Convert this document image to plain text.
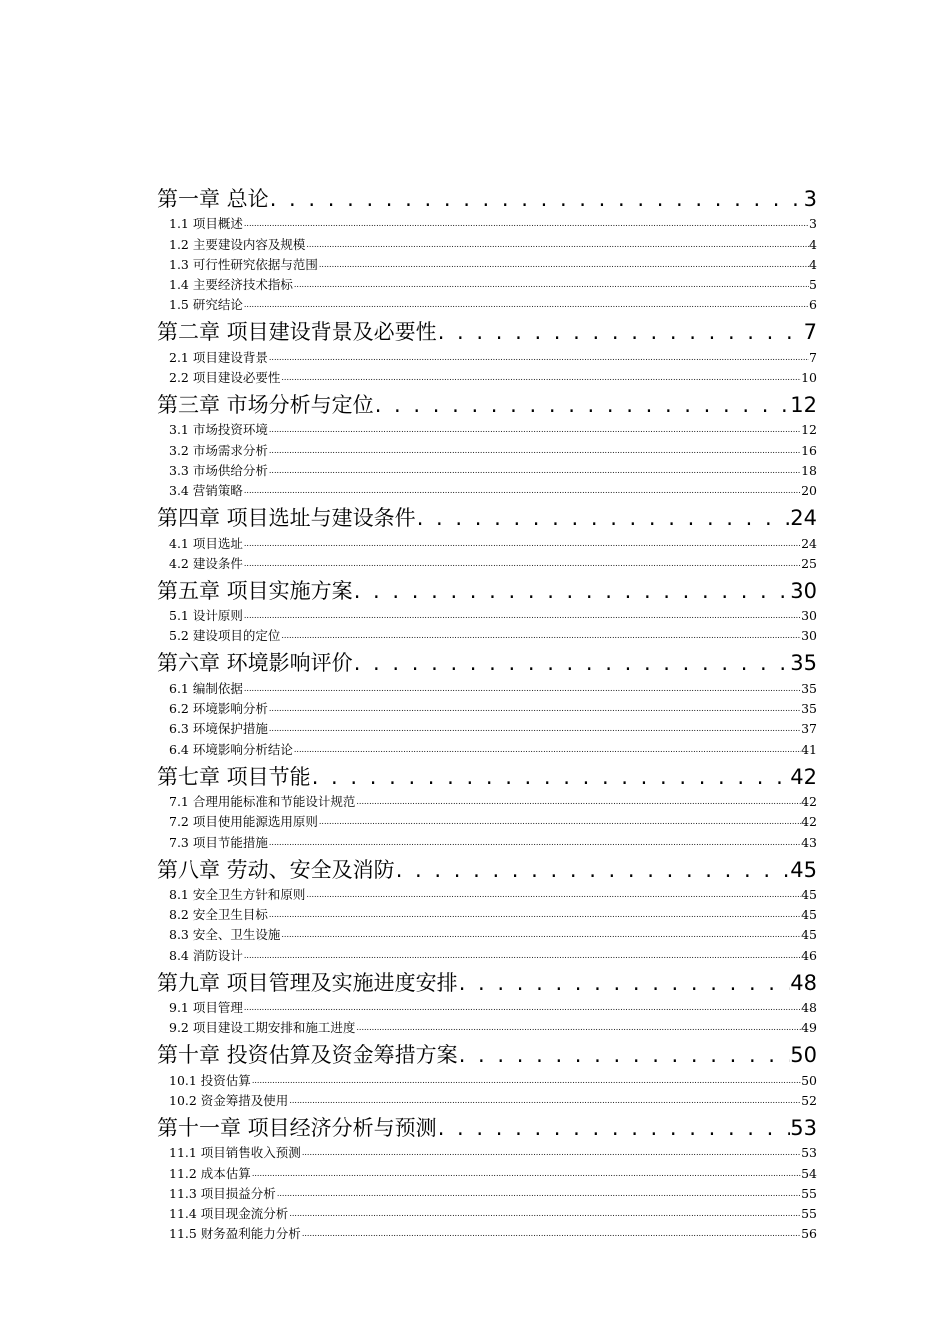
第一章 总论 . . .	3
1.1 项目概述 .....	3
1.2 主要建设内容及规模 .....	4
1.3 可行性研究依据与范围 .....	4
1.4 主要经济技术指标 .....	5
1.5 研究结论 .....	6
第二章 项目建设背景及必要性 . . .	7
2.1 项目建设背景 .....	7
2.2 项目建设必要性 .....	10
第三章 市场分析与定位 . . .	12
3.1 市场投资环境 .....	12
3.2 市场需求分析 .....	16
3.3 市场供给分析 .....	18
3.4 营销策略 .....	20
第四章 项目选址与建设条件 . . .	24
4.1 项目选址 .....	24
4.2 建设条件 .....	25
第五章 项目实施方案 . . .	30
5.1 设计原则 .....	30
5.2 建设项目的定位 .....	30
第六章 环境影响评价 . . .	35
6.1 编制依据 .....	35
6.2 环境影响分析 .....	35
6.3 环境保护措施 .....	37
6.4 环境影响分析结论 .....	41
第七章 项目节能 . . .	42
7.1 合理用能标准和节能设计规范 .....	42
7.2 项目使用能源选用原则 .....	42
7.3 项目节能措施 .....	43
第八章 劳动、安全及消防 . . .	45
8.1 安全卫生方针和原则 .....	45
8.2 安全卫生目标 .....	45
8.3 安全、卫生设施 .....	45
8.4 消防设计 .....	46
第九章 项目管理及实施进度安排 . . .	48
9.1 项目管理 .....	48
9.2 项目建设工期安排和施工进度 .....	49
第十章 投资估算及资金筹措方案 . . .	50
10.1 投资估算 .....	50
10.2 资金筹措及使用 .....	52
第十一章 项目经济分析与预测 . . .	53
11.1 项目销售收入预测 .....	53
11.2 成本估算 .....	54
11.3 项目损益分析 .....	55
11.4 项目现金流分析 .....	55
11.5 财务盈利能力分析 .....	56
